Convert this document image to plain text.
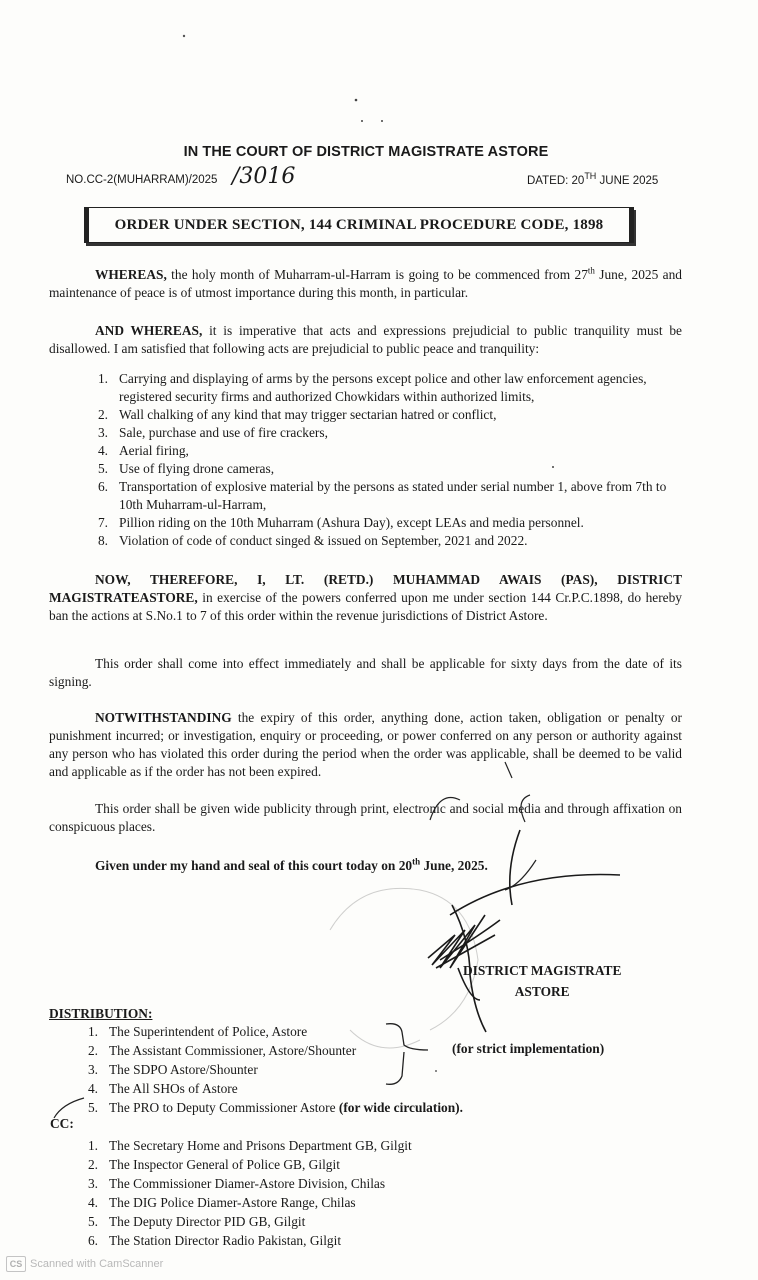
IN THE COURT OF DISTRICT MAGISTRATE ASTORE
NO.CC-2(MUHARRAM)/2025 /3016	DATED: 20TH JUNE 2025
ORDER UNDER SECTION, 144 CRIMINAL PROCEDURE CODE, 1898
WHEREAS, the holy month of Muharram-ul-Harram is going to be commenced from 27th June, 2025 and maintenance of peace is of utmost importance during this month, in particular.
AND WHEREAS, it is imperative that acts and expressions prejudicial to public tranquility must be disallowed. I am satisfied that following acts are prejudicial to public peace and tranquility:
1. Carrying and displaying of arms by the persons except police and other law enforcement agencies, registered security firms and authorized Chowkidars within authorized limits,
2. Wall chalking of any kind that may trigger sectarian hatred or conflict,
3. Sale, purchase and use of fire crackers,
4. Aerial firing,
5. Use of flying drone cameras,
6. Transportation of explosive material by the persons as stated under serial number 1, above from 7th to 10th Muharram-ul-Harram,
7. Pillion riding on the 10th Muharram (Ashura Day), except LEAs and media personnel.
8. Violation of code of conduct singed & issued on September, 2021 and 2022.
NOW, THEREFORE, I, LT. (RETD.) MUHAMMAD AWAIS (PAS), DISTRICT MAGISTRATEASTORE, in exercise of the powers conferred upon me under section 144 Cr.P.C.1898, do hereby ban the actions at S.No.1 to 7 of this order within the revenue jurisdictions of District Astore.
This order shall come into effect immediately and shall be applicable for sixty days from the date of its signing.
NOTWITHSTANDING the expiry of this order, anything done, action taken, obligation or penalty or punishment incurred; or investigation, enquiry or proceeding, or power conferred on any person or authority against any person who has violated this order during the period when the order was applicable, shall be deemed to be valid and applicable as if the order has not been expired.
This order shall be given wide publicity through print, electronic and social media and through affixation on conspicuous places.
Given under my hand and seal of this court today on 20th June, 2025.
DISTRICT MAGISTRATE
ASTORE
DISTRIBUTION:
1. The Superintendent of Police, Astore
2. The Assistant Commissioner, Astore/Shounter
3. The SDPO Astore/Shounter
4. The All SHOs of Astore
5. The PRO to Deputy Commissioner Astore (for wide circulation).
(for strict implementation)
CC:
1. The Secretary Home and Prisons Department GB, Gilgit
2. The Inspector General of Police GB, Gilgit
3. The Commissioner Diamer-Astore Division, Chilas
4. The DIG Police Diamer-Astore Range, Chilas
5. The Deputy Director PID GB, Gilgit
6. The Station Director Radio Pakistan, Gilgit
CS Scanned with CamScanner
